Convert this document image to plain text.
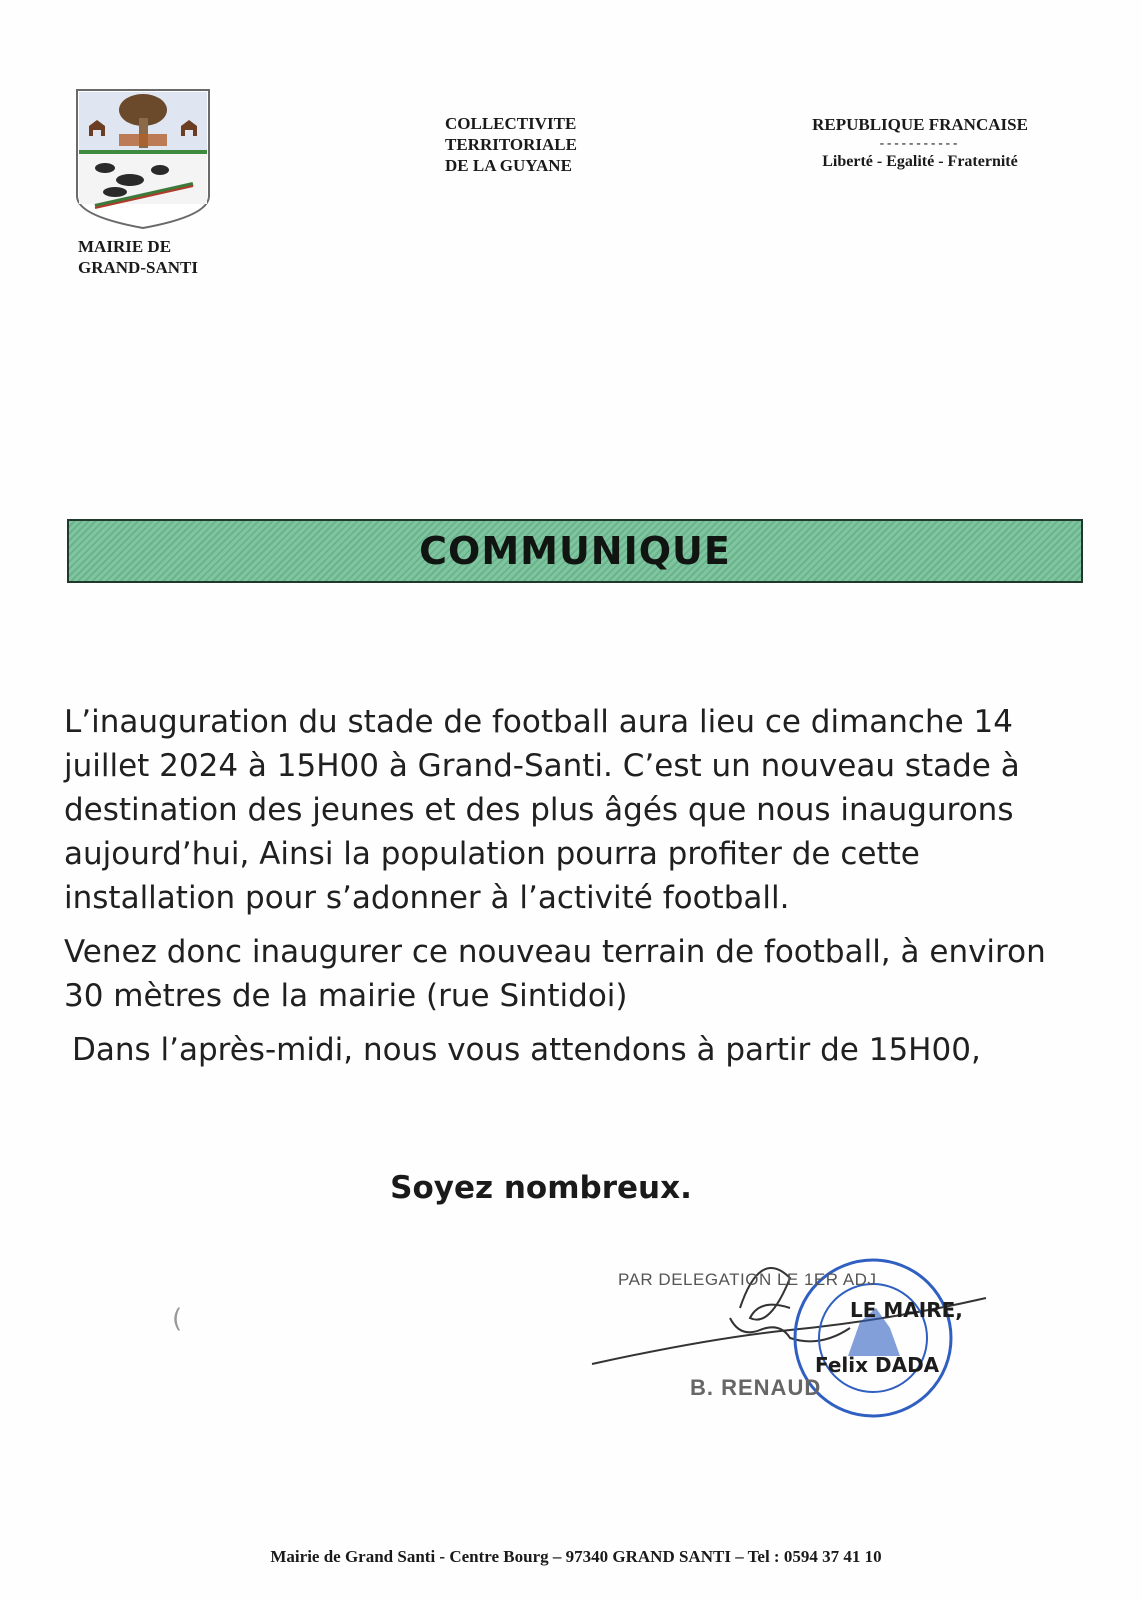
MAIRIE DE
GRAND-SANTI
COLLECTIVITE
TERRITORIALE
DE LA GUYANE
REPUBLIQUE FRANCAISE
-----------
Liberté - Egalité - Fraternité
COMMUNIQUE

L’inauguration du stade de football aura lieu ce dimanche 14 juillet 2024 à 15H00 à Grand-Santi. C’est un nouveau stade à destination des jeunes et des plus âgés que nous inaugurons aujourd’hui, Ainsi la population pourra profiter de cette installation pour s’adonner à l’activité football.

Venez donc inaugurer ce nouveau terrain de football, à environ 30 mètres de la mairie (rue Sintidoi)

Dans l’après-midi, nous vous attendons à partir de 15H00,

Soyez nombreux.
PAR DELEGATION LE 1ER ADJ
B. RENAUD
LE MAIRE,
Felix DADA
(
Mairie de Grand Santi - Centre Bourg – 97340 GRAND SANTI – Tel : 0594 37 41 10
